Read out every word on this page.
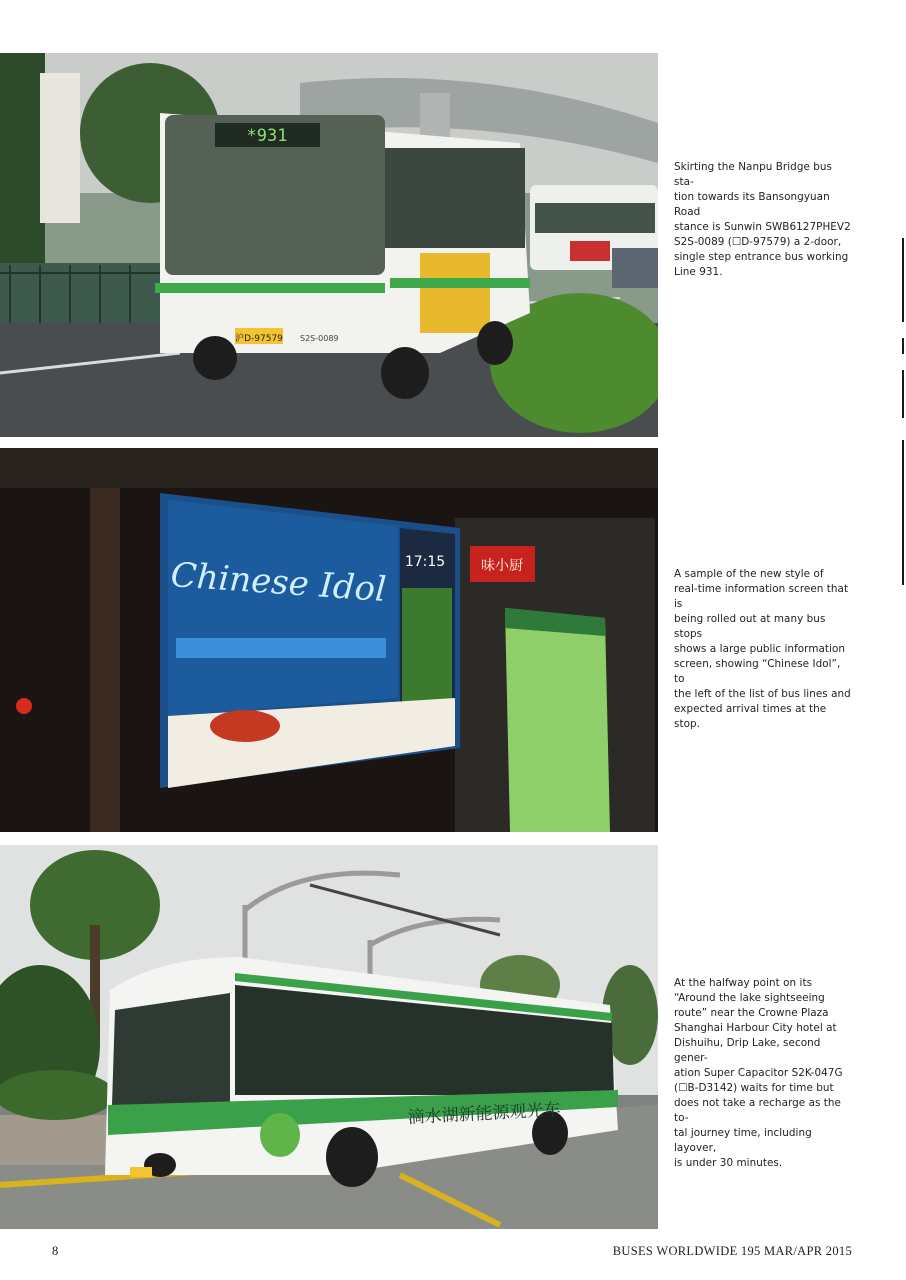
*931
沪D-97579 S2S-0089
Skirting the Nanpu Bridge bus sta-
tion towards its Bansongyuan Road
stance is Sunwin SWB6127PHEV2
S2S-0089 (☐D-97579) a 2-door,
single step entrance bus working
Line 931.
Chinese Idol 17:15	味小厨	A sample of the new style of
real-time information screen that is
being rolled out at many bus stops
shows a large public information
screen, showing “Chinese Idol”, to
the left of the list of bus lines and
expected arrival times at the stop.
滴水湖新能源观光车
At the halfway point on its
“Around the lake sightseeing
route” near the Crowne Plaza
Shanghai Harbour City hotel at
Dishuihu, Drip Lake, second gener-
ation Super Capacitor S2K-047G
(☐B-D3142) waits for time but
does not take a recharge as the to-
tal journey time, including layover,
is under 30 minutes.
8	BUSES WORLDWIDE 195 MAR/APR 2015
